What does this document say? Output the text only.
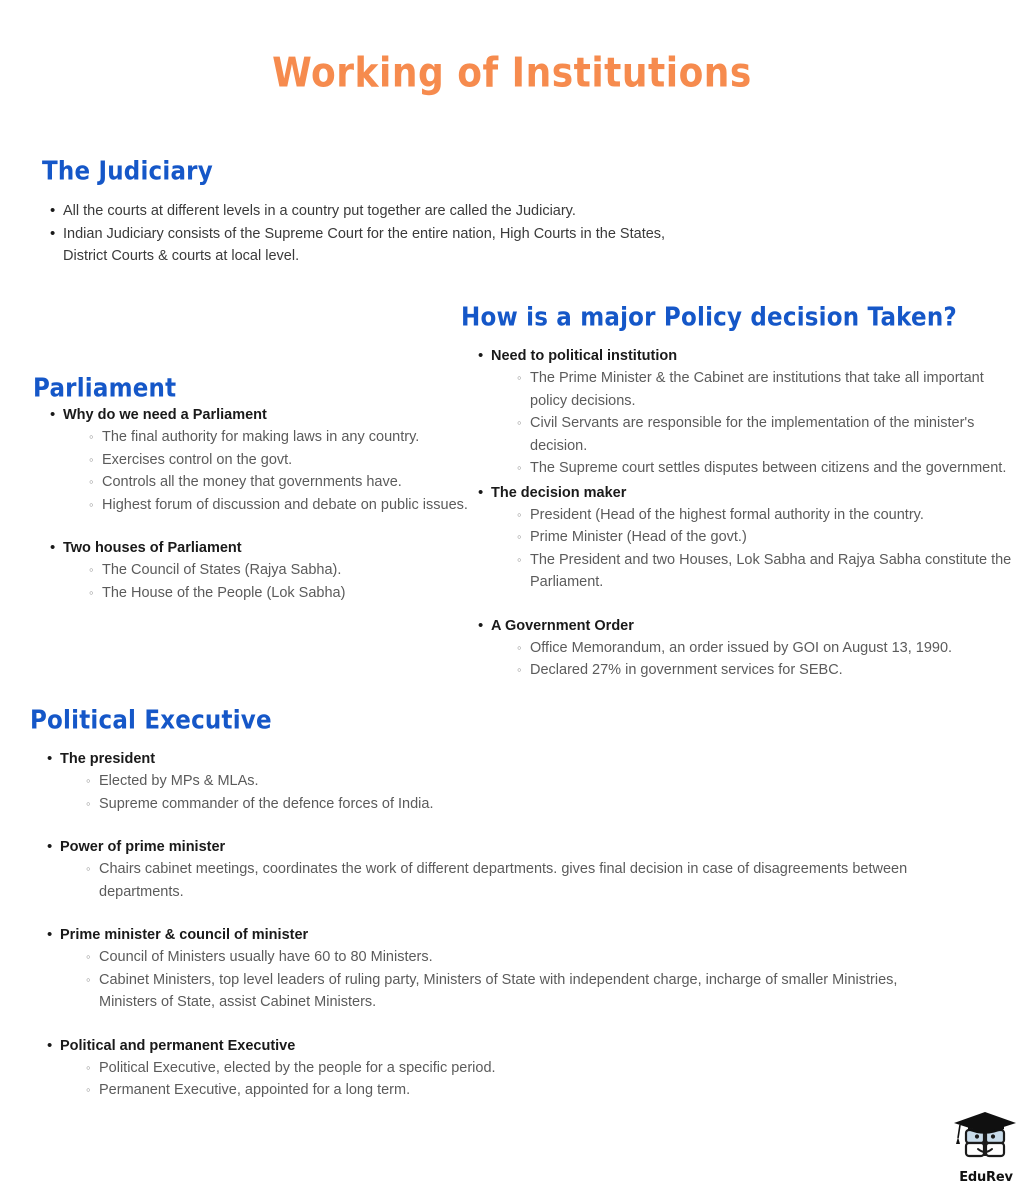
Working of Institutions
The Judiciary
• All the courts at different levels in a country put together are called the Judiciary.
• Indian Judiciary consists of the Supreme Court for the entire nation, High Courts in the States, District Courts & courts at local level.
Parliament
• Why do we need a Parliament
◦ The final authority for making laws in any country.
◦ Exercises control on the govt.
◦ Controls all the money that governments have.
◦ Highest forum of discussion and debate on public issues.
• Two houses of Parliament
◦ The Council of States (Rajya Sabha).
◦ The House of the People (Lok Sabha)
How is a major Policy decision Taken?
• Need to political institution
◦ The Prime Minister & the Cabinet are institutions that take all important policy decisions.
◦ Civil Servants are responsible for the implementation of the minister's decision.
◦ The Supreme court settles disputes between citizens and the government.
• The decision maker
◦ President (Head of the highest formal authority in the country.
◦ Prime Minister (Head of the govt.)
◦ The President and two Houses, Lok Sabha and Rajya Sabha constitute the Parliament.
• A Government Order
◦ Office Memorandum, an order issued by GOI on August 13, 1990.
◦ Declared 27% in government services for SEBC.
Political Executive
• The president
◦ Elected by MPs & MLAs.
◦ Supreme commander of the defence forces of India.
• Power of prime minister
◦ Chairs cabinet meetings, coordinates the work of different departments. gives final decision in case of disagreements between departments.
• Prime minister & council of minister
◦ Council of Ministers usually have 60 to 80 Ministers.
◦ Cabinet Ministers, top level leaders of ruling party, Ministers of State with independent charge, incharge of smaller Ministries, Ministers of State, assist Cabinet Ministers.
• Political and permanent Executive
◦ Political Executive, elected by the people for a specific period.
◦ Permanent Executive, appointed for a long term.
EduRev
